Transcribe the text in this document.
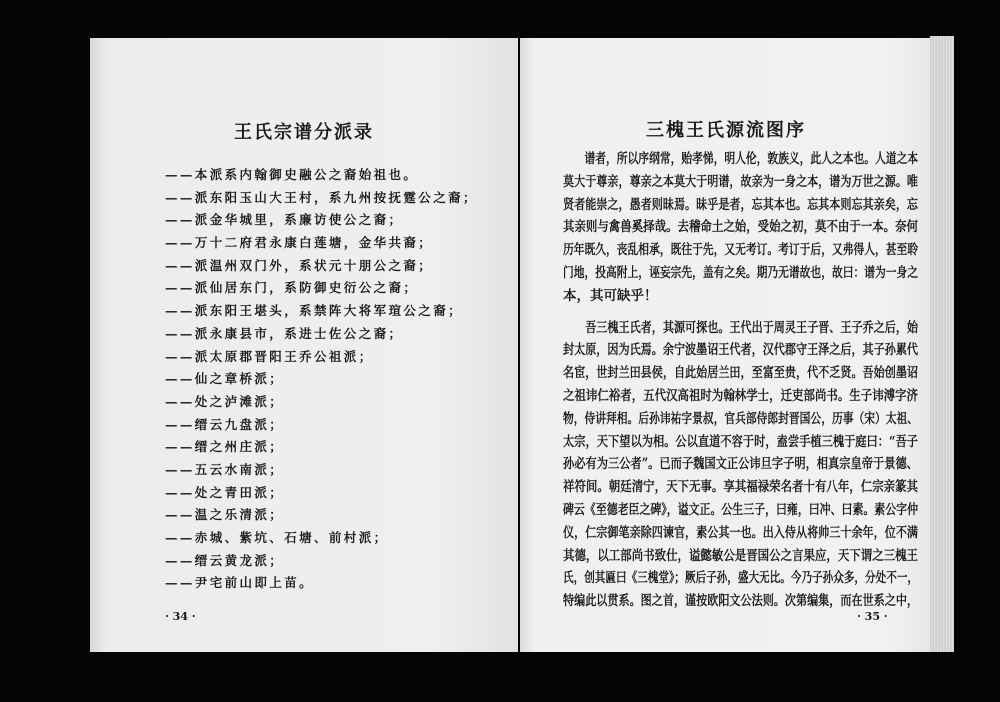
王氏宗谱分派录
——本派系内翰御史融公之裔始祖也。
——派东阳玉山大王村，系九州按抚霆公之裔；
——派金华城里，系廉访使公之裔；
——万十二府君永康白莲塘，金华共裔；
——派温州双门外，系状元十朋公之裔；
——派仙居东门，系防御史衍公之裔；
——派东阳王堪头，系禁阵大将军瑄公之裔；
——派永康县市，系进士佐公之裔；
——派太原郡晋阳王乔公祖派；
——仙之章桥派；
——处之泸滩派；
——缙云九盘派；
——缙之州庄派；
——五云水南派；
——处之青田派；
——温之乐清派；
——赤城、紫坑、石塘、前村派；
——缙云黄龙派；
——尹宅前山即上苗。
· 34 ·
三槐王氏源流图序
　　谱者，所以序纲常，贻孝悌，明人伦，敦族义，此人之本也。人道之本
莫大于尊亲，尊亲之本莫大于明谱，故亲为一身之本，谱为万世之源。唯
贤者能崇之，愚者则昧焉。昧乎是者，忘其本也。忘其本则忘其亲矣，忘
其亲则与禽兽奚择哉。去稽命土之始，受始之初，莫不由于一本。奈何
历年既久，丧乱相承，既往于先，又无考订。考订于后，又弗得人，甚至聆
门地，投高附上，诬妄宗先，盖有之矣。期乃无谱故也，故曰：谱为一身之
本，其可缺乎！
　　吾三槐王氏者，其源可探也。王代出于周灵王子晋、王子乔之后，始
封太原，因为氏焉。余宁波墨诏王代者，汉代郡守王泽之后，其子孙累代
名宦，世封兰田县侯，自此始居兰田，至富至贵，代不乏贤。吾始创墨诏
之祖讳仁裕者，五代汉高祖时为翰林学士，迁吏部尚书。生子讳溥字济
物，侍讲拜相。后孙讳祐字景叔，官兵部侍郎封晋国公，历事（宋）太祖、
太宗，天下望以为相。公以直道不容于时，盍尝手植三槐于庭曰：“吾子
孙必有为三公者”。已而子魏国文正公讳旦字子明，相真宗皇帝于景德、
祥符间。朝廷清宁，天下无事。享其福禄荣名者十有八年，仁宗亲篆其
碑云《至德老臣之碑》，谥文正。公生三子，曰雍，曰冲、曰素。素公字仲
仪，仁宗御笔亲除四谏官，素公其一也。出入侍从将帅三十余年，位不满
其德，以工部尚书致仕，谥懿敏公是晋国公之言果应，天下谓之三槐王
氏，创其匾曰《三槐堂》；厥后子孙，盛大无比。今乃子孙众多，分处不一，
特编此以贯系。图之首，谨按欧阳文公法则。次第编集，而在世系之中，
· 35 ·
